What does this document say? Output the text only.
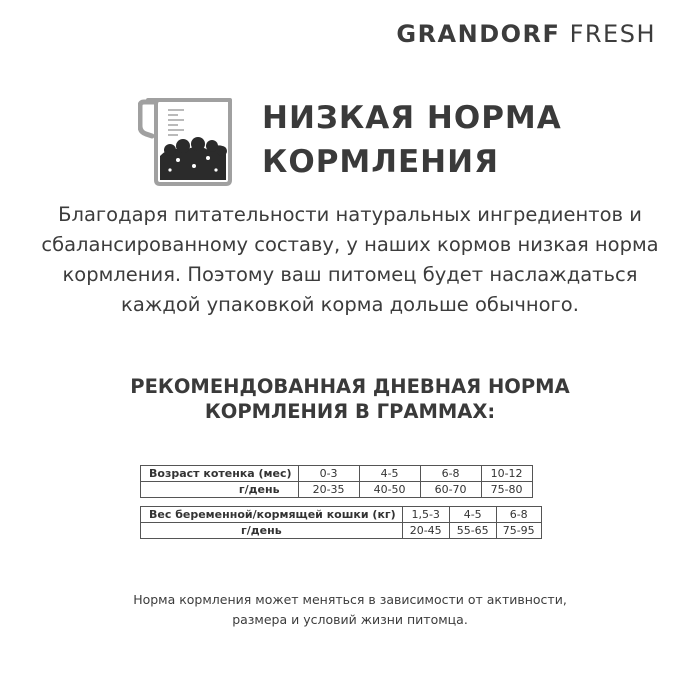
GRANDORF FRESH
НИЗКАЯ НОРМА
КОРМЛЕНИЯ
Благодаря питательности натуральных ингредиентов и
сбалансированному составу, у наших кормов низкая норма
кормления. Поэтому ваш питомец будет наслаждаться
каждой упаковкой корма дольше обычного.
РЕКОМЕНДОВАННАЯ ДНЕВНАЯ НОРМА
КОРМЛЕНИЯ В ГРАММАХ:
Возраст котенка (мес)	0-3	4-5	6-8	10-12
г/день	20-35	40-50	60-70	75-80
Вес беременной/кормящей кошки (кг)	1,5-3	4-5	6-8
г/день	20-45	55-65	75-95
Норма кормления может меняться в зависимости от активности,
размера и условий жизни питомца.
